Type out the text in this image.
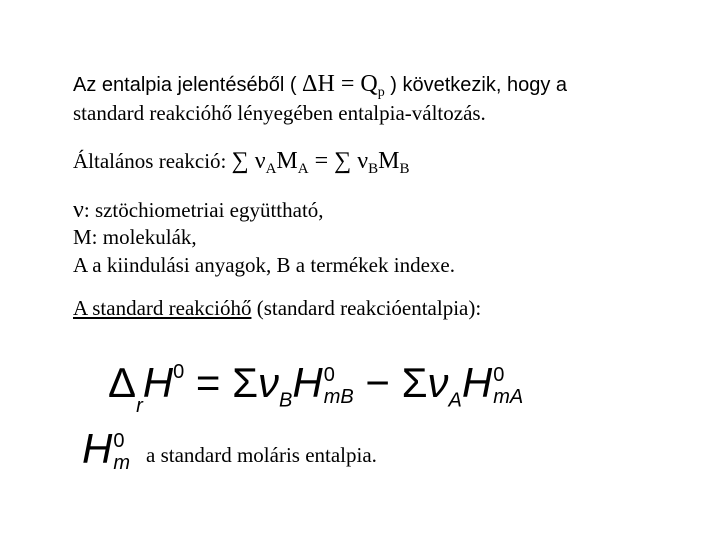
Az entalpia jelentéséből ( $\Delta H = Q_p$ ) következik, hogy a
standard reakcióhő lényegében entalpia-változás.
Általános reakció: ∑ $\nu_AM_A$ = ∑ $\nu_BM_B$
ν: sztöchiometriai együttható,
M: molekulák,
A a kiindulási anyagok, B a termékek indexe.
A standard reakcióhő (standard reakcióentalpia):
$\Delta_rH^0 = \Sigma\nu_BH$ 0
mB − $\Sigma\nu_AH$ 0
mA
H 0
m a standard moláris entalpia.
